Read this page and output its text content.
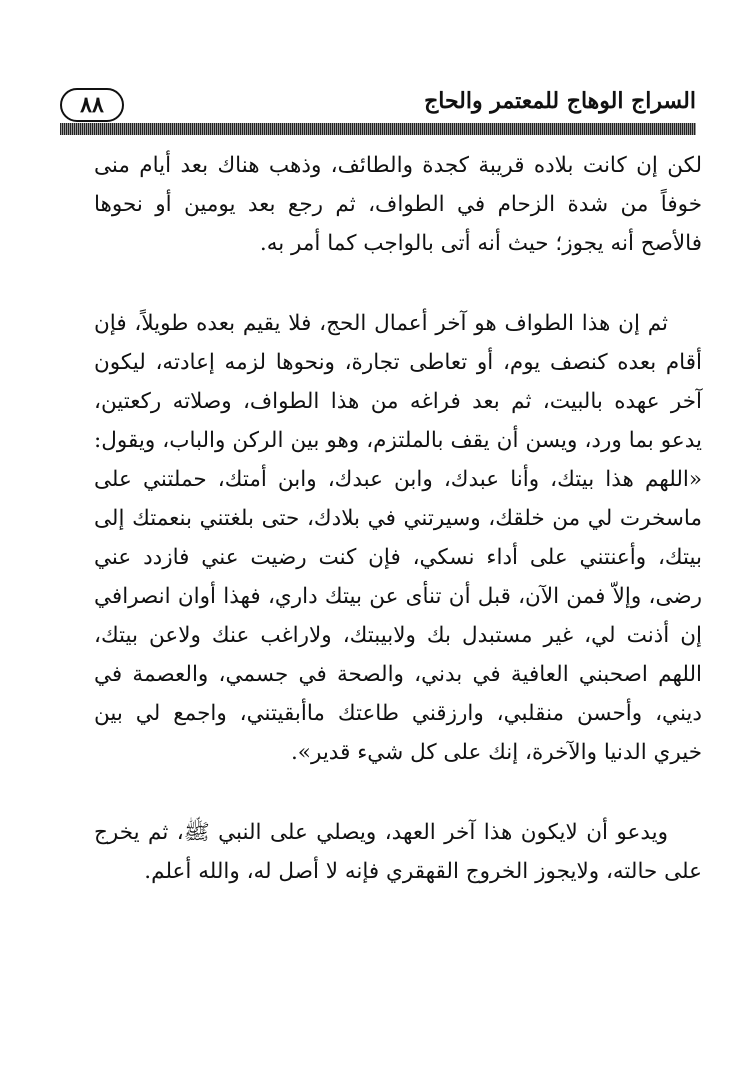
٨٨	السراج الوهاج للمعتمر والحاج

لكن إن كانت بلاده قريبة كجدة والطائف، وذهب هناك بعد أيام منى خوفاً من شدة الزحام في الطواف، ثم رجع بعد يومين أو نحوها فالأصح أنه يجوز؛ حيث أنه أتى بالواجب كما أمر به.

ثم إن هذا الطواف هو آخر أعمال الحج، فلا يقيم بعده طويلاً، فإن أقام بعده كنصف يوم، أو تعاطى تجارة، ونحوها لزمه إعادته، ليكون آخر عهده بالبيت، ثم بعد فراغه من هذا الطواف، وصلاته ركعتين، يدعو بما ورد، ويسن أن يقف بالملتزم، وهو بين الركن والباب، ويقول: «اللهم هذا بيتك، وأنا عبدك، وابن عبدك، وابن أمتك، حملتني على ماسخرت لي من خلقك، وسيرتني في بلادك، حتى بلغتني بنعمتك إلى بيتك، وأعنتني على أداء نسكي، فإن كنت رضيت عني فازدد عني رضى، وإلاّ فمن الآن، قبل أن تنأى عن بيتك داري، فهذا أوان انصرافي إن أذنت لي، غير مستبدل بك ولابيبتك، ولاراغب عنك ولاعن بيتك، اللهم اصحبني العافية في بدني، والصحة في جسمي، والعصمة في ديني، وأحسن منقلبي، وارزقني طاعتك ماأبقيتني، واجمع لي بين خيري الدنيا والآخرة، إنك على كل شيء قدير».

ويدعو أن لايكون هذا آخر العهد، ويصلي على النبي ﷺ، ثم يخرج على حالته، ولايجوز الخروج القهقري فإنه لا أصل له، والله أعلم.
